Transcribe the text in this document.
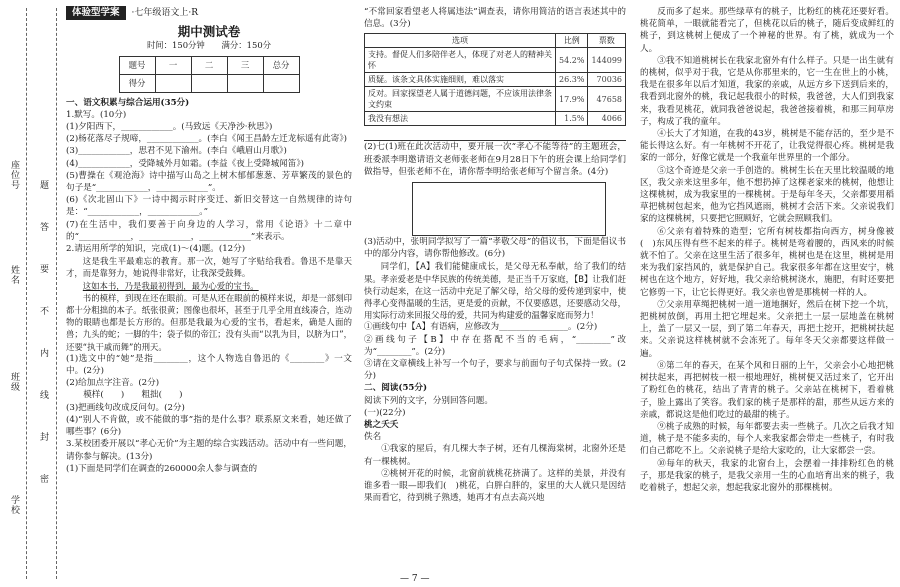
学校
班级
姓名
座位号
密
封
线
内
不
要
答
题
体验型学案	·七年级语文上·R
期中测试卷
时间：150分钟　　满分：150分
题号	一	二	三	总分
得分				

一、语文积累与综合运用(35分)

1.默写。(10分)

(1)夕阳西下，____________。(马致远《天净沙·秋思》)

(2)杨花落尽子规啼，____________。(李白《闻王昌龄左迁龙标遥有此寄》)

(3)____________，思君不见下渝州。(李白《峨眉山月歌》)

(4)____________，受降城外月如霜。(李益《夜上受降城闻笛》)

(5)曹操在《观沧海》诗中描写山岛之上树木郁郁葱葱、芳草繁茂的景色的句子是“____________，____________”。

(6)《次北固山下》一诗中揭示时序变迁、新旧交替这一自然规律的诗句是：“____________，____________。”

(7)在生活中，我们要善于向身边的人学习，常用《论语》十二章中的“____________，____________，____________”来表示。

2.请运用所学的知识，完成(1)～(4)题。(12分)

这是我生平最难忘的教育。那一次，她写了字贴给我看。鲁迅不是靠天才，而是靠努力，她说得非常好，让我深受鼓舞。

这如本书，乃是我最初得到，最为心爱的宝书。

书的模样，到现在还在眼前。可是从还在眼前的模样来说，却是一部刻印都十分粗拙的本子。纸张很黄；图像也很坏，甚至于几乎全用直线凑合，连动物的眼睛也都是长方形的。但那是我最为心爱的宝书，看起来，确是人面的兽；九头的蛇；一脚的牛；袋子似的帝江；没有头而“以乳为目，以脐为口”，还要“执干戚而舞”的刑天。

(1)选文中的“她”是指________，这个人物选自鲁迅的《________》一文中。(2分)

(2)给加点字注音。(2分)

模样(　　)　　粗拙(　　)

(3)把画线句改成反问句。(2分)

(4)“别人不肯做，或不能做的事”指的是什么事？联系原文来看，她还做了哪些事？(6分)

3.某校团委开展以“孝心无价”为主题的综合实践活动。活动中有一些问题，请你参与解决。(13分)

(1)下面是同学们在调查的260000余人参与调查的

“不常回家看望老人将属违法”调查表，请你用简洁的语言表述其中的信息。(3分)

选项	比例	票数
支持。督促人们多陪伴老人，体现了对老人的精神关怀	54.2%	144099
质疑。该条文具体实施细则，难以落实	26.3%	70036
反对。回家探望老人属于道德问题，不应该用法律条文约束	17.9%	47658
我没有想法	1.5%	4066

(2)七(1)班在此次活动中，要开展一次“孝心不能等待”的主题班会，班委派李明邀请语文老师张老师在9月28日下午的班会课上给同学们做指导，但张老师不在，请你帮李明给张老师写个留言条。(4分)

(3)活动中，张明同学拟写了一篇“孝敬父母”的倡议书，下面是倡议书中的部分内容，请你帮他修改。(6分)

同学们，【A】我们能健康成长，是父母无私奉献，给了我们的结果。孝亲爱老是中华民族的传统美德，是正当千万家庭，【B】让我们赶快行动起来，在这一活动中充足了解父母，给父母的爱传递到家中，使得孝心变得温暖的生活，更是爱的贡献，不仅要感恩，还要感动父母，用实际行动来回报父母的爱，共同为构建爱的温馨家庭而努力！

①画线句中【A】有语病，应修改为________________。(2分)

②画线句子【B】中存在搭配不当的毛病，“________”改为“________”。(2分)

③请在文章横线上补写一个句子，要求与前面句子句式保持一致。(2分)

二、阅读(55分)

阅读下列的文字，分别回答问题。

(一)(22分)

桃之夭夭

佚名

①我家的屋后，有几棵大李子树，还有几棵海棠树，北窗外还是有一棵桃树。

②桃树开花的时候，北窗前就桃花挤满了。这样的美景，并没有谁多看一眼—即我们(　)桃花，白胖白胖的，家里的大人就只是因结果而看它，待到桃子熟透，她再才有点去高兴地

反而多了起来。那些绿草有的桃子，比粉红的桃花还要好看。桃花简单，一眼就能看完了，但桃花以后的桃子，随后变成鲜红的桃子，到这桃树上便成了一个神秘的世界。有了桃，就成为一个人。

③我不知道桃树长在我家北窗外有什么样子。只是一出生就有的桃树，似乎对于我，它是从你那里来的，它一生在世上的小桃，我是在很多年以后才知道，我家的亲戚，从远方乡下送到后来的，我看到北窗外的桃，我记起我很小的时候，我爸爸，大人们到我家来，我看见桃花，就同我爸爸说起，我爸爸接着桃，和那三间草房子，构成了我的童年。

④长大了才知道，在我的43岁，桃树是不能存活的，至少是不能长得这么好。有一年桃树不开花了，让我觉得很心疼。桃树是我家的一部分，好像它就是一个我童年世界里的一个部分。

⑤这个奇迹是父亲一手创造的。桃树生长在天里比较温暖的地区，我父亲来这里多年，他不想扔掉了这棵老家来的桃树，他想让这棵桃树，成为我家里的一棵桃树。于是每年冬天，父亲都要用稻草把桃树包起来，他为它挡风遮雨，桃树才会活下来。父亲说我们家的这棵桃树，只要把它照顾好，它就会照顾我们。

⑥父亲有着特殊的造型；它所有树枝都指向西方，树身像被(　)东风压得有些不起来的样子。桃树是弯着腰的，西风来的时候就不怕了。父亲在这里生活了很多年，桃树也是在这里，桃树是用来为我们家挡风的，就是保护自己。我家很多年都在这里安宁，桃树也在这个地方，好好地，我父亲给桃树浇水，施肥，有时还要把它修剪一下，让它长得更好。我父亲也曾是那桃树一样的人。

⑦父亲用草绳把桃树一道一道地捆好，然后在树下挖一个坑，把桃树放倒，再用土把它埋起来。父亲把土一层一层地盖在桃树上，盖了一层又一层，到了第二年春天，再把土挖开，把桃树扶起来。父亲说这样桃树就不会冻死了。每年冬天父亲都要这样做一遍。

⑧第二年的春天，在某个风和日丽的上午，父亲会小心地把桃树扶起来，再把树枝一根一根地理好，桃树便又活过来了，它开出了粉红色的桃花，结出了青青的桃子。父亲站在桃树下，看着桃子，脸上露出了笑容。我们家的桃子是那样的甜，那些从远方来的亲戚，都说这是他们吃过的最甜的桃子。

⑨桃子成熟的时候，每年都要去卖一些桃子。几次之后我才知道，桃子是不能多卖的，每个人来我家都会带走一些桃子，有时我们自己都吃不上。父亲说桃子是给大家吃的，让大家都尝一尝。

⑩每年的秋天，我家的北窗台上，会摆着一排排粉红色的桃子，那是我家的桃子，是我父亲用一生的心血培育出来的桃子，我吃着桃子，想起父亲，想起我家北窗外的那棵桃树。

— 7 —
